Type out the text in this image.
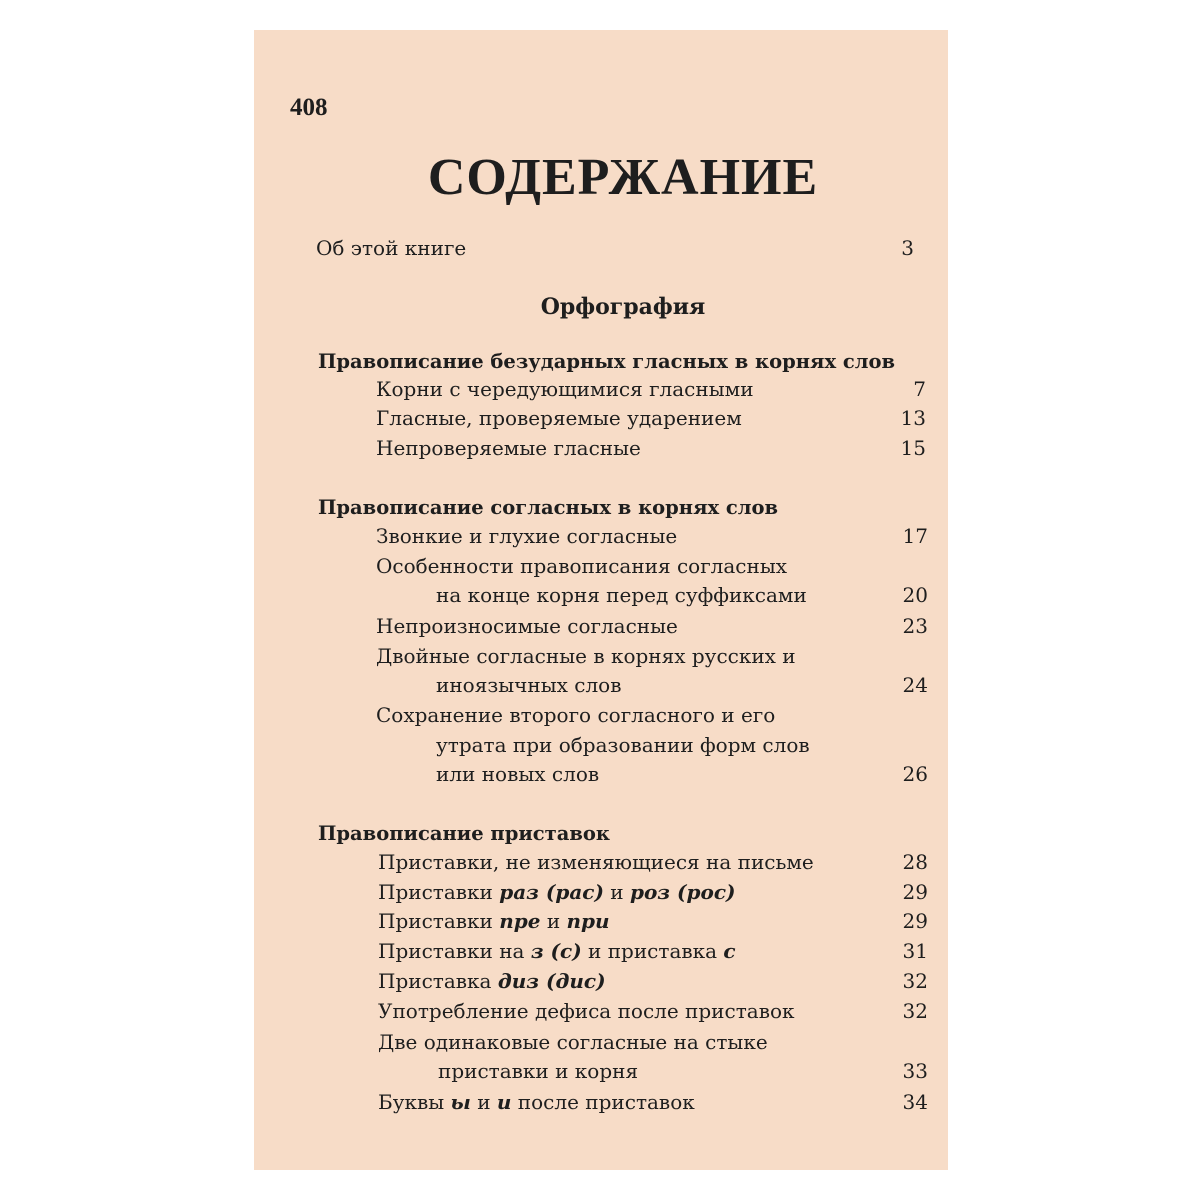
408
СОДЕРЖАНИЕ
Об этой книге	3
Орфография
Правописание безударных гласных в корнях слов
Корни с чередующимися гласными	7
Гласные, проверяемые ударением	13
Непроверяемые гласные	15
Правописание согласных в корнях слов
Звонкие и глухие согласные	17
Особенности правописания согласных
на конце корня перед суффиксами	20
Непроизносимые согласные	23
Двойные согласные в корнях русских и
иноязычных слов	24
Сохранение второго согласного и его
утрата при образовании форм слов
или новых слов	26
Правописание приставок
Приставки, не изменяющиеся на письме	28
Приставки раз (рас) и роз (рос)	29
Приставки пре и при	29
Приставки на з (с) и приставка с	31
Приставка диз (дис)	32
Употребление дефиса после приставок	32
Две одинаковые согласные на стыке
приставки и корня	33
Буквы ы и и после приставок	34
